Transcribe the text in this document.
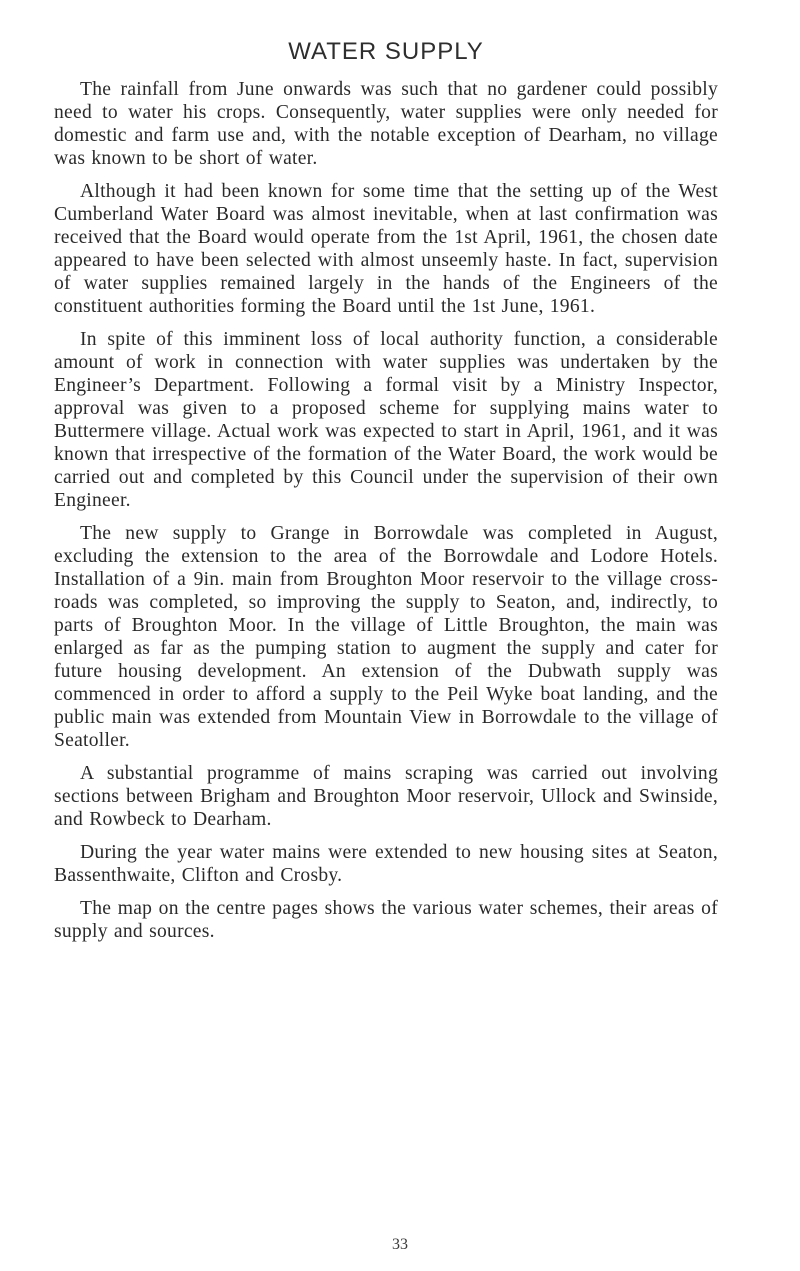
WATER SUPPLY

The rainfall from June onwards was such that no gardener could possibly need to water his crops. Consequently, water supplies were only needed for domestic and farm use and, with the notable exception of Dearham, no village was known to be short of water.

Although it had been known for some time that the setting up of the West Cumberland Water Board was almost inevitable, when at last confirmation was received that the Board would operate from the 1st April, 1961, the chosen date appeared to have been selected with almost unseemly haste. In fact, supervision of water supplies remained largely in the hands of the Engineers of the constituent authorities forming the Board until the 1st June, 1961.

In spite of this imminent loss of local authority function, a considerable amount of work in connection with water supplies was undertaken by the Engineer’s Department. Following a formal visit by a Ministry Inspector, approval was given to a proposed scheme for supplying mains water to Buttermere village. Actual work was expected to start in April, 1961, and it was known that irrespective of the formation of the Water Board, the work would be carried out and completed by this Council under the supervision of their own Engineer.

The new supply to Grange in Borrowdale was completed in August, excluding the extension to the area of the Borrowdale and Lodore Hotels. Installation of a 9in. main from Broughton Moor reservoir to the village cross-roads was completed, so improving the supply to Seaton, and, indirectly, to parts of Broughton Moor. In the village of Little Broughton, the main was enlarged as far as the pumping station to augment the supply and cater for future housing development. An extension of the Dubwath supply was commenced in order to afford a supply to the Peil Wyke boat landing, and the public main was extended from Mountain View in Borrowdale to the village of Seatoller.

A substantial programme of mains scraping was carried out involving sections between Brigham and Broughton Moor reservoir, Ullock and Swinside, and Rowbeck to Dearham.

During the year water mains were extended to new housing sites at Seaton, Bassenthwaite, Clifton and Crosby.

The map on the centre pages shows the various water schemes, their areas of supply and sources.

33
